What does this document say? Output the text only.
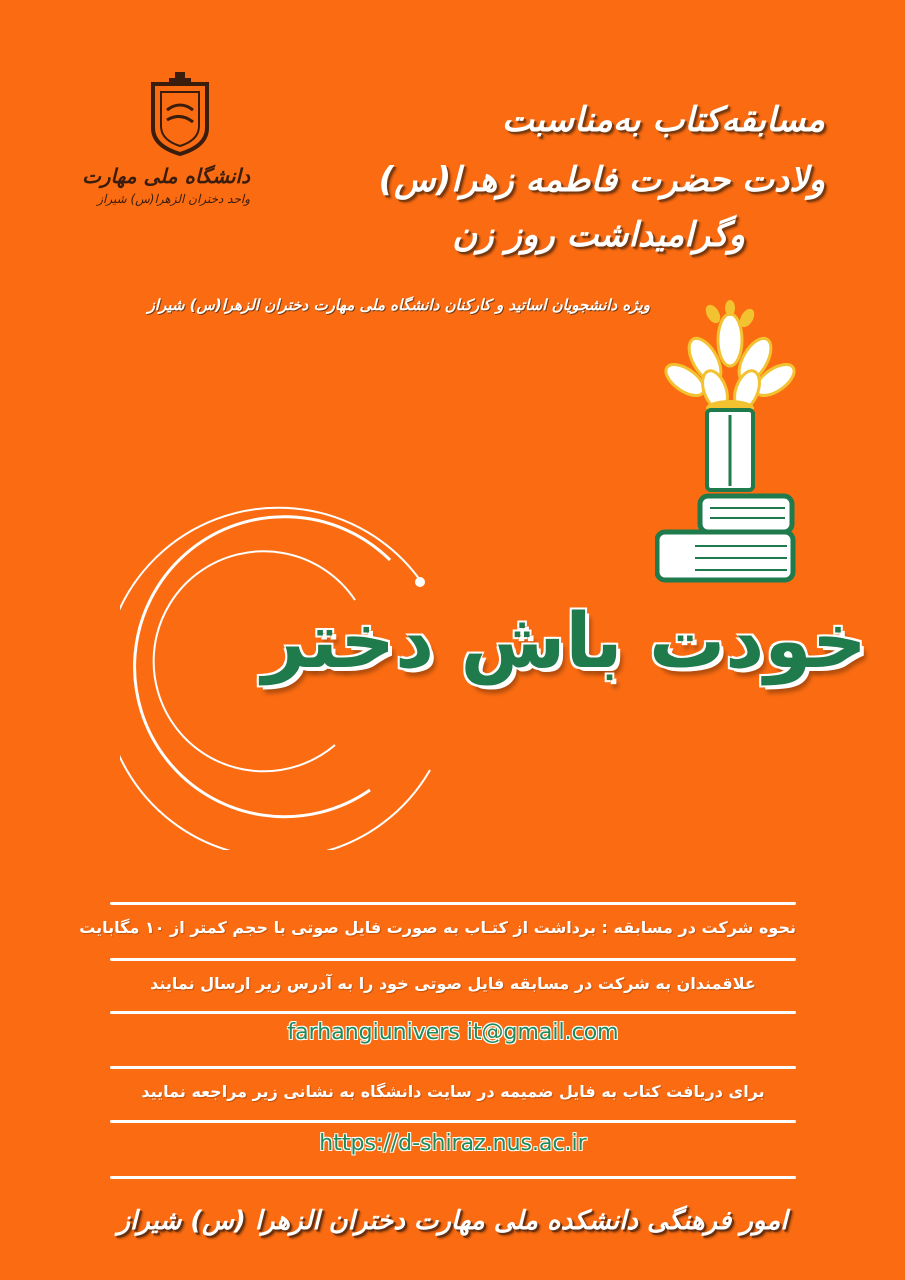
دانشگاه ملی مهارت
واحد دختران الزهرا(س) شیراز
مسابقه‌کتاب به‌مناسبت
ولادت حضرت فاطمه زهرا(س)
وگرامیداشت روز زن
ویژه دانشجویان اساتید و کارکنان دانشگاه ملی مهارت دختران الزهرا(س) شیراز
خودت باش دختر
نحوه شرکت در مسابقه : برداشت از کتـاب به صورت فایل صوتی با حجم کمتر از ۱۰ مگابایت
علاقمندان به شرکت در مسابقه فایل صوتی خود را به آدرس زیر ارسال نمایند
farhangiunivers it@gmail.com
برای دریافت کتاب به فایل ضمیمه در سایت دانشگاه به نشانی زیر مراجعه نمایید
https://d-shiraz.nus.ac.ir
امور فرهنگی دانشکده ملی مهارت دختران الزهرا (س) شیراز
